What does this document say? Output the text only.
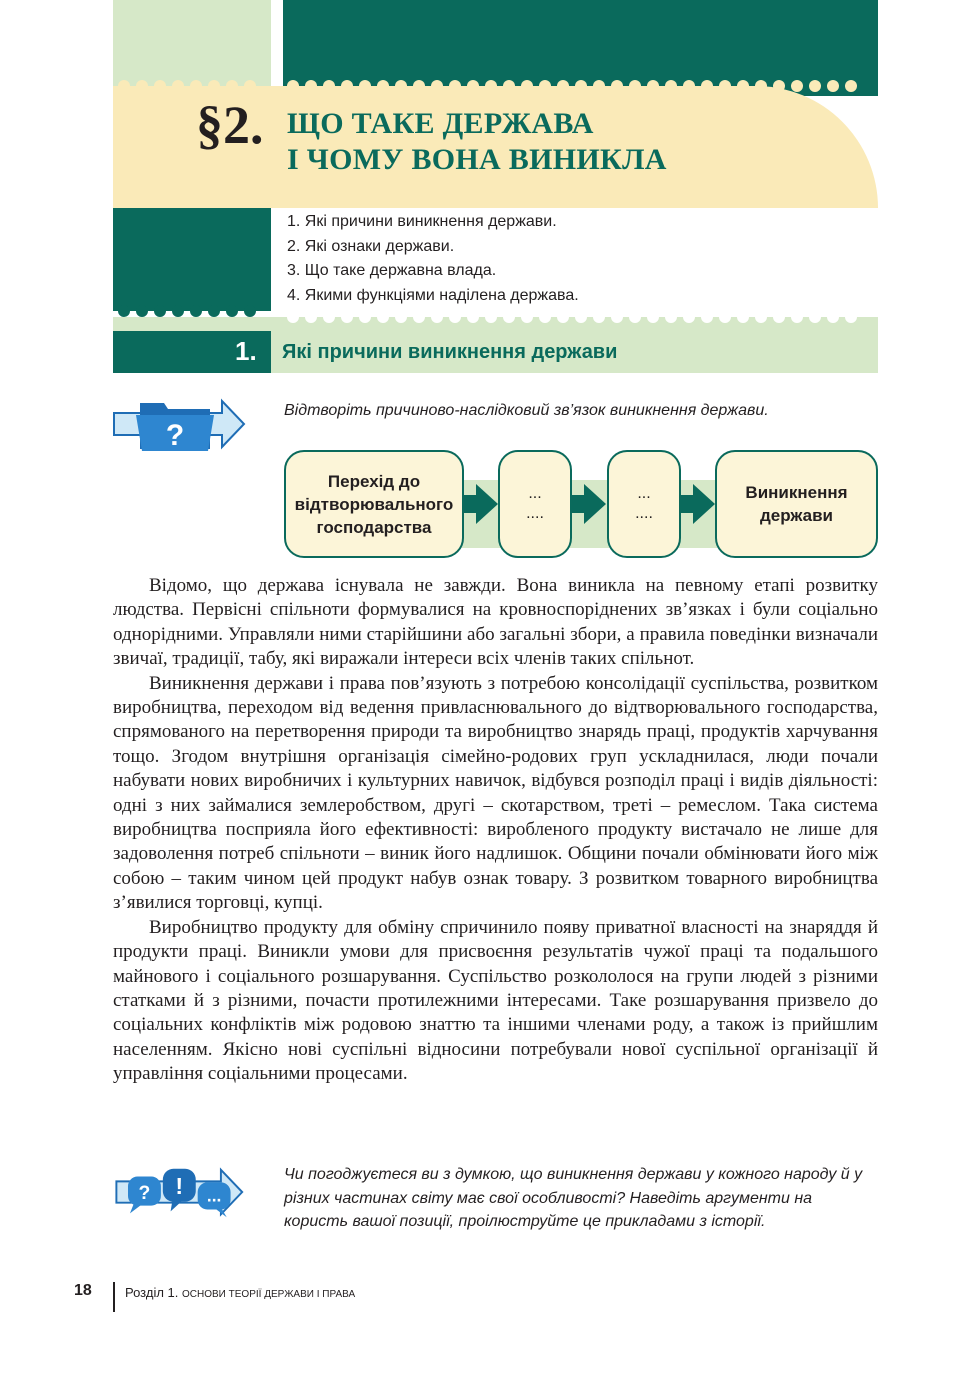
§2. ЩО ТАКЕ ДЕРЖАВА
І ЧОМУ ВОНА ВИНИКЛА
1. Які причини виникнення держави.
2. Які ознаки держави.
3. Що таке державна влада.
4. Якими функціями наділена держава.
1. Які причини виникнення держави
?
Відтворіть причиново-наслідковий зв’язок виникнення держави.
Перехід до відтворювального господарства
...
....
...
....
Виникнення держави

Відомо, що держава існувала не завжди. Вона виникла на певному етапі розвитку людства. Первісні спільноти формувалися на кровноспоріднених зв’язках і були соціально однорідними. Управляли ними старійшини або загальні збори, а правила поведінки визначали звичаї, традиції, табу, які виражали інтереси всіх членів таких спільнот.

Виникнення держави і права пов’язують з потребою консолідації суспільства, розвитком виробництва, переходом від ведення привласнювального до відтворювального господарства, спрямованого на перетворення природи та виробництво знарядь праці, продуктів харчування тощо. Згодом внутрішня організація сімейно-родових груп ускладнилася, люди почали набувати нових виробничих і культурних навичок, відбувся розподіл праці і видів діяльності: одні з них займалися землеробством, другі – скотарством, треті – ремеслом. Така система виробництва посприяла його ефективності: виробленого продукту вистачало не лише для задоволення потреб спільноти – виник його надлишок. Общини почали обмінювати його між собою – таким чином цей продукт набув ознак товару. З розвитком товарного виробництва з’явилися торговці, купці.

Виробництво продукту для обміну спричинило появу приватної власності на знаряддя й продукти праці. Виникли умови для присвоєння результатів чужої праці та подальшого майнового і соціального розшарування. Суспільство розкололося на групи людей з різними статками й з різними, почасти протилежними інтересами. Таке розшарування призвело до соціальних конфліктів між родовою знаттю та іншими членами роду, а також із прийшлим населенням. Якісно нові суспільні відносини потребували нової суспільної організації й управління соціальними процесами.

? ! ...
Чи погоджуєтеся ви з думкою, що виникнення держави у кожного народу й у різних частинах світу має свої особливості? Наведіть аргументи на користь вашої позиції, проілюструйте це прикладами з історії.
18	Розділ 1. ОСНОВИ ТЕОРІЇ ДЕРЖАВИ І ПРАВА
